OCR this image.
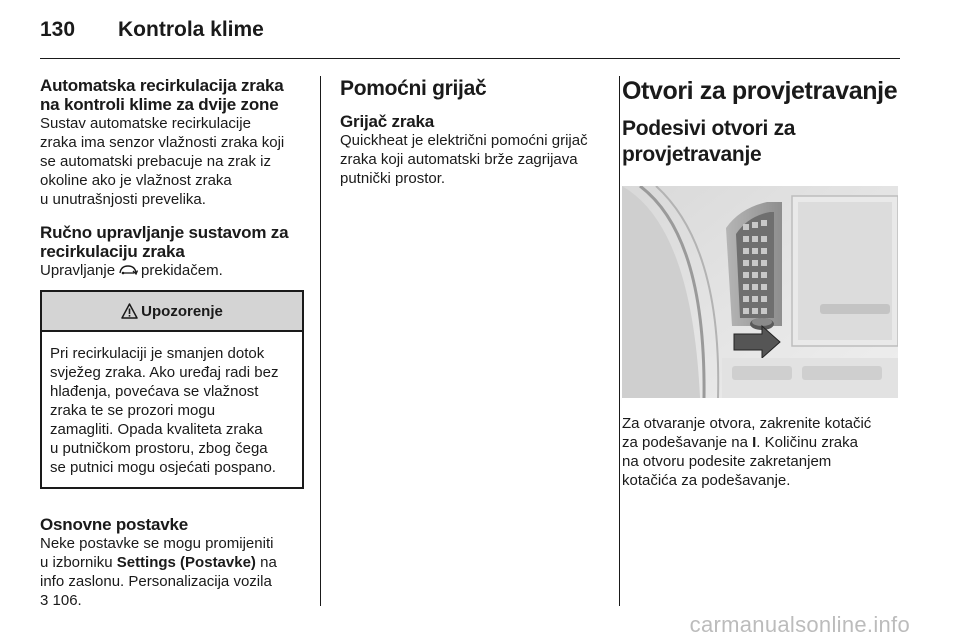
130	Kontrola klime
Automatska recirkulacija zraka
na kontroli klime za dvije zone
Sustav automatske recirkulacije
zraka ima senzor vlažnosti zraka koji
se automatski prebacuje na zrak iz
okoline ako je vlažnost zraka
u unutrašnjosti prevelika.
Ručno upravljanje sustavom za
recirkulaciju zraka
Upravljanje prekidačem.
Upozorenje
Pri recirkulaciji je smanjen dotok
svježeg zraka. Ako uređaj radi bez
hlađenja, povećava se vlažnost
zraka te se prozori mogu
zamagliti. Opada kvaliteta zraka
u putničkom prostoru, zbog čega
se putnici mogu osjećati pospano.
Osnovne postavke
Neke postavke se mogu promijeniti
u izborniku Settings (Postavke) na
info zaslonu. Personalizacija vozila
3 106.
Pomoćni grijač
Grijač zraka
Quickheat je električni pomoćni grijač
zraka koji automatski brže zagrijava
putnički prostor.
Otvori za provjetravanje
Podesivi otvori za
provjetravanje
Za otvaranje otvora, zakrenite kotačić
za podešavanje na I. Količinu zraka
na otvoru podesite zakretanjem
kotačića za podešavanje.
carmanualsonline.info
